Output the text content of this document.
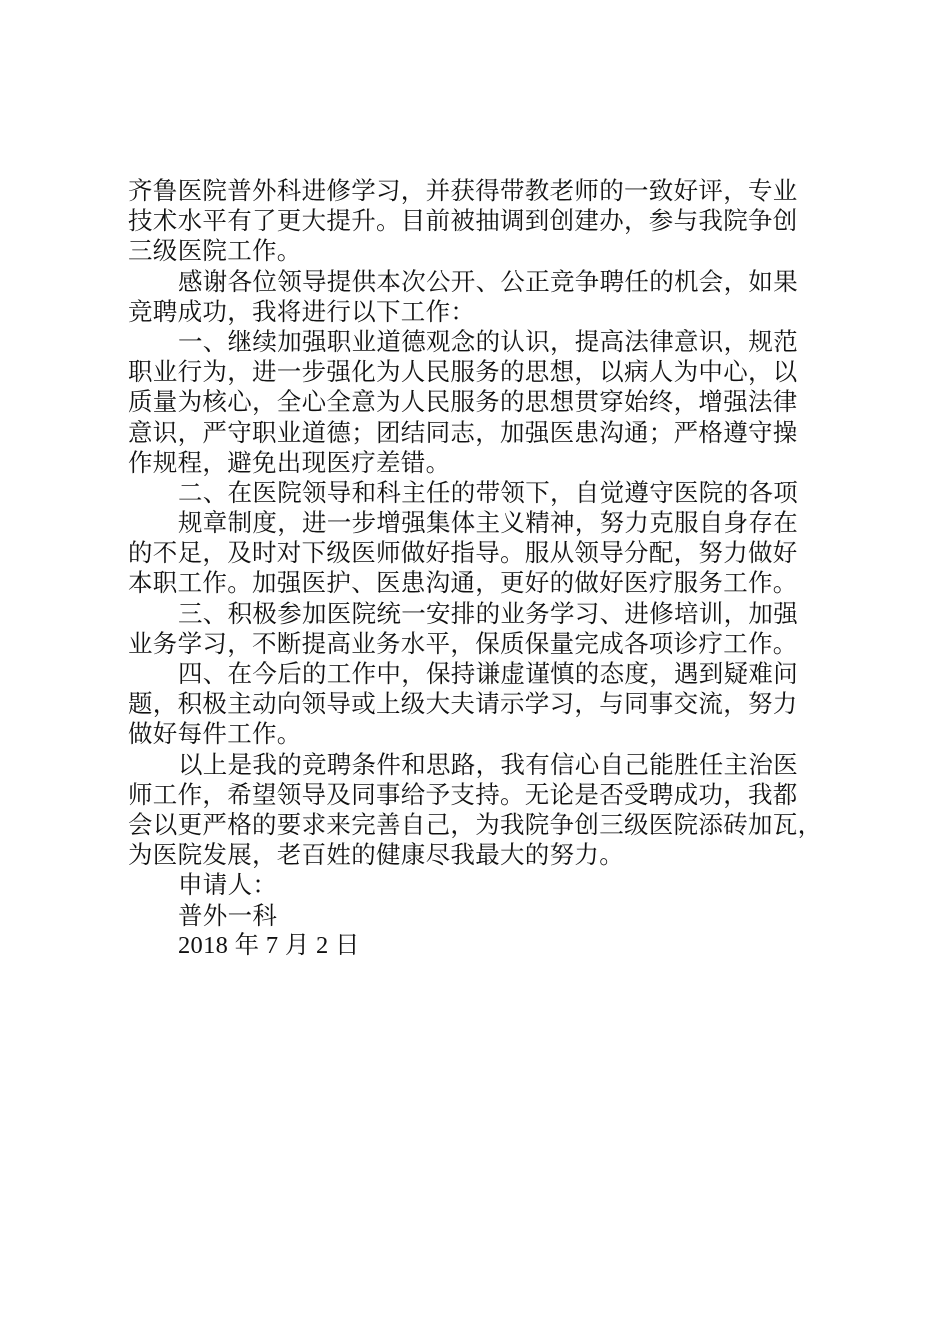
齐鲁医院普外科进修学习，并获得带教老师的一致好评，专业
技术水平有了更大提升。目前被抽调到创建办，参与我院争创
三级医院工作。
感谢各位领导提供本次公开、公正竞争聘任的机会，如果
竞聘成功，我将进行以下工作：
一、继续加强职业道德观念的认识，提高法律意识，规范
职业行为，进一步强化为人民服务的思想，以病人为中心，以
质量为核心，全心全意为人民服务的思想贯穿始终，增强法律
意识，严守职业道德；团结同志，加强医患沟通；严格遵守操
作规程，避免出现医疗差错。
二、在医院领导和科主任的带领下，自觉遵守医院的各项
规章制度，进一步增强集体主义精神，努力克服自身存在
的不足，及时对下级医师做好指导。服从领导分配，努力做好
本职工作。加强医护、医患沟通，更好的做好医疗服务工作。
三、积极参加医院统一安排的业务学习、进修培训，加强
业务学习，不断提高业务水平，保质保量完成各项诊疗工作。
四、在今后的工作中，保持谦虚谨慎的态度，遇到疑难问
题，积极主动向领导或上级大夫请示学习，与同事交流，努力
做好每件工作。
以上是我的竞聘条件和思路，我有信心自己能胜任主治医
师工作，希望领导及同事给予支持。无论是否受聘成功，我都
会以更严格的要求来完善自己，为我院争创三级医院添砖加瓦，
为医院发展，老百姓的健康尽我最大的努力。
申请人：
普外一科
2018 年 7 月 2 日
